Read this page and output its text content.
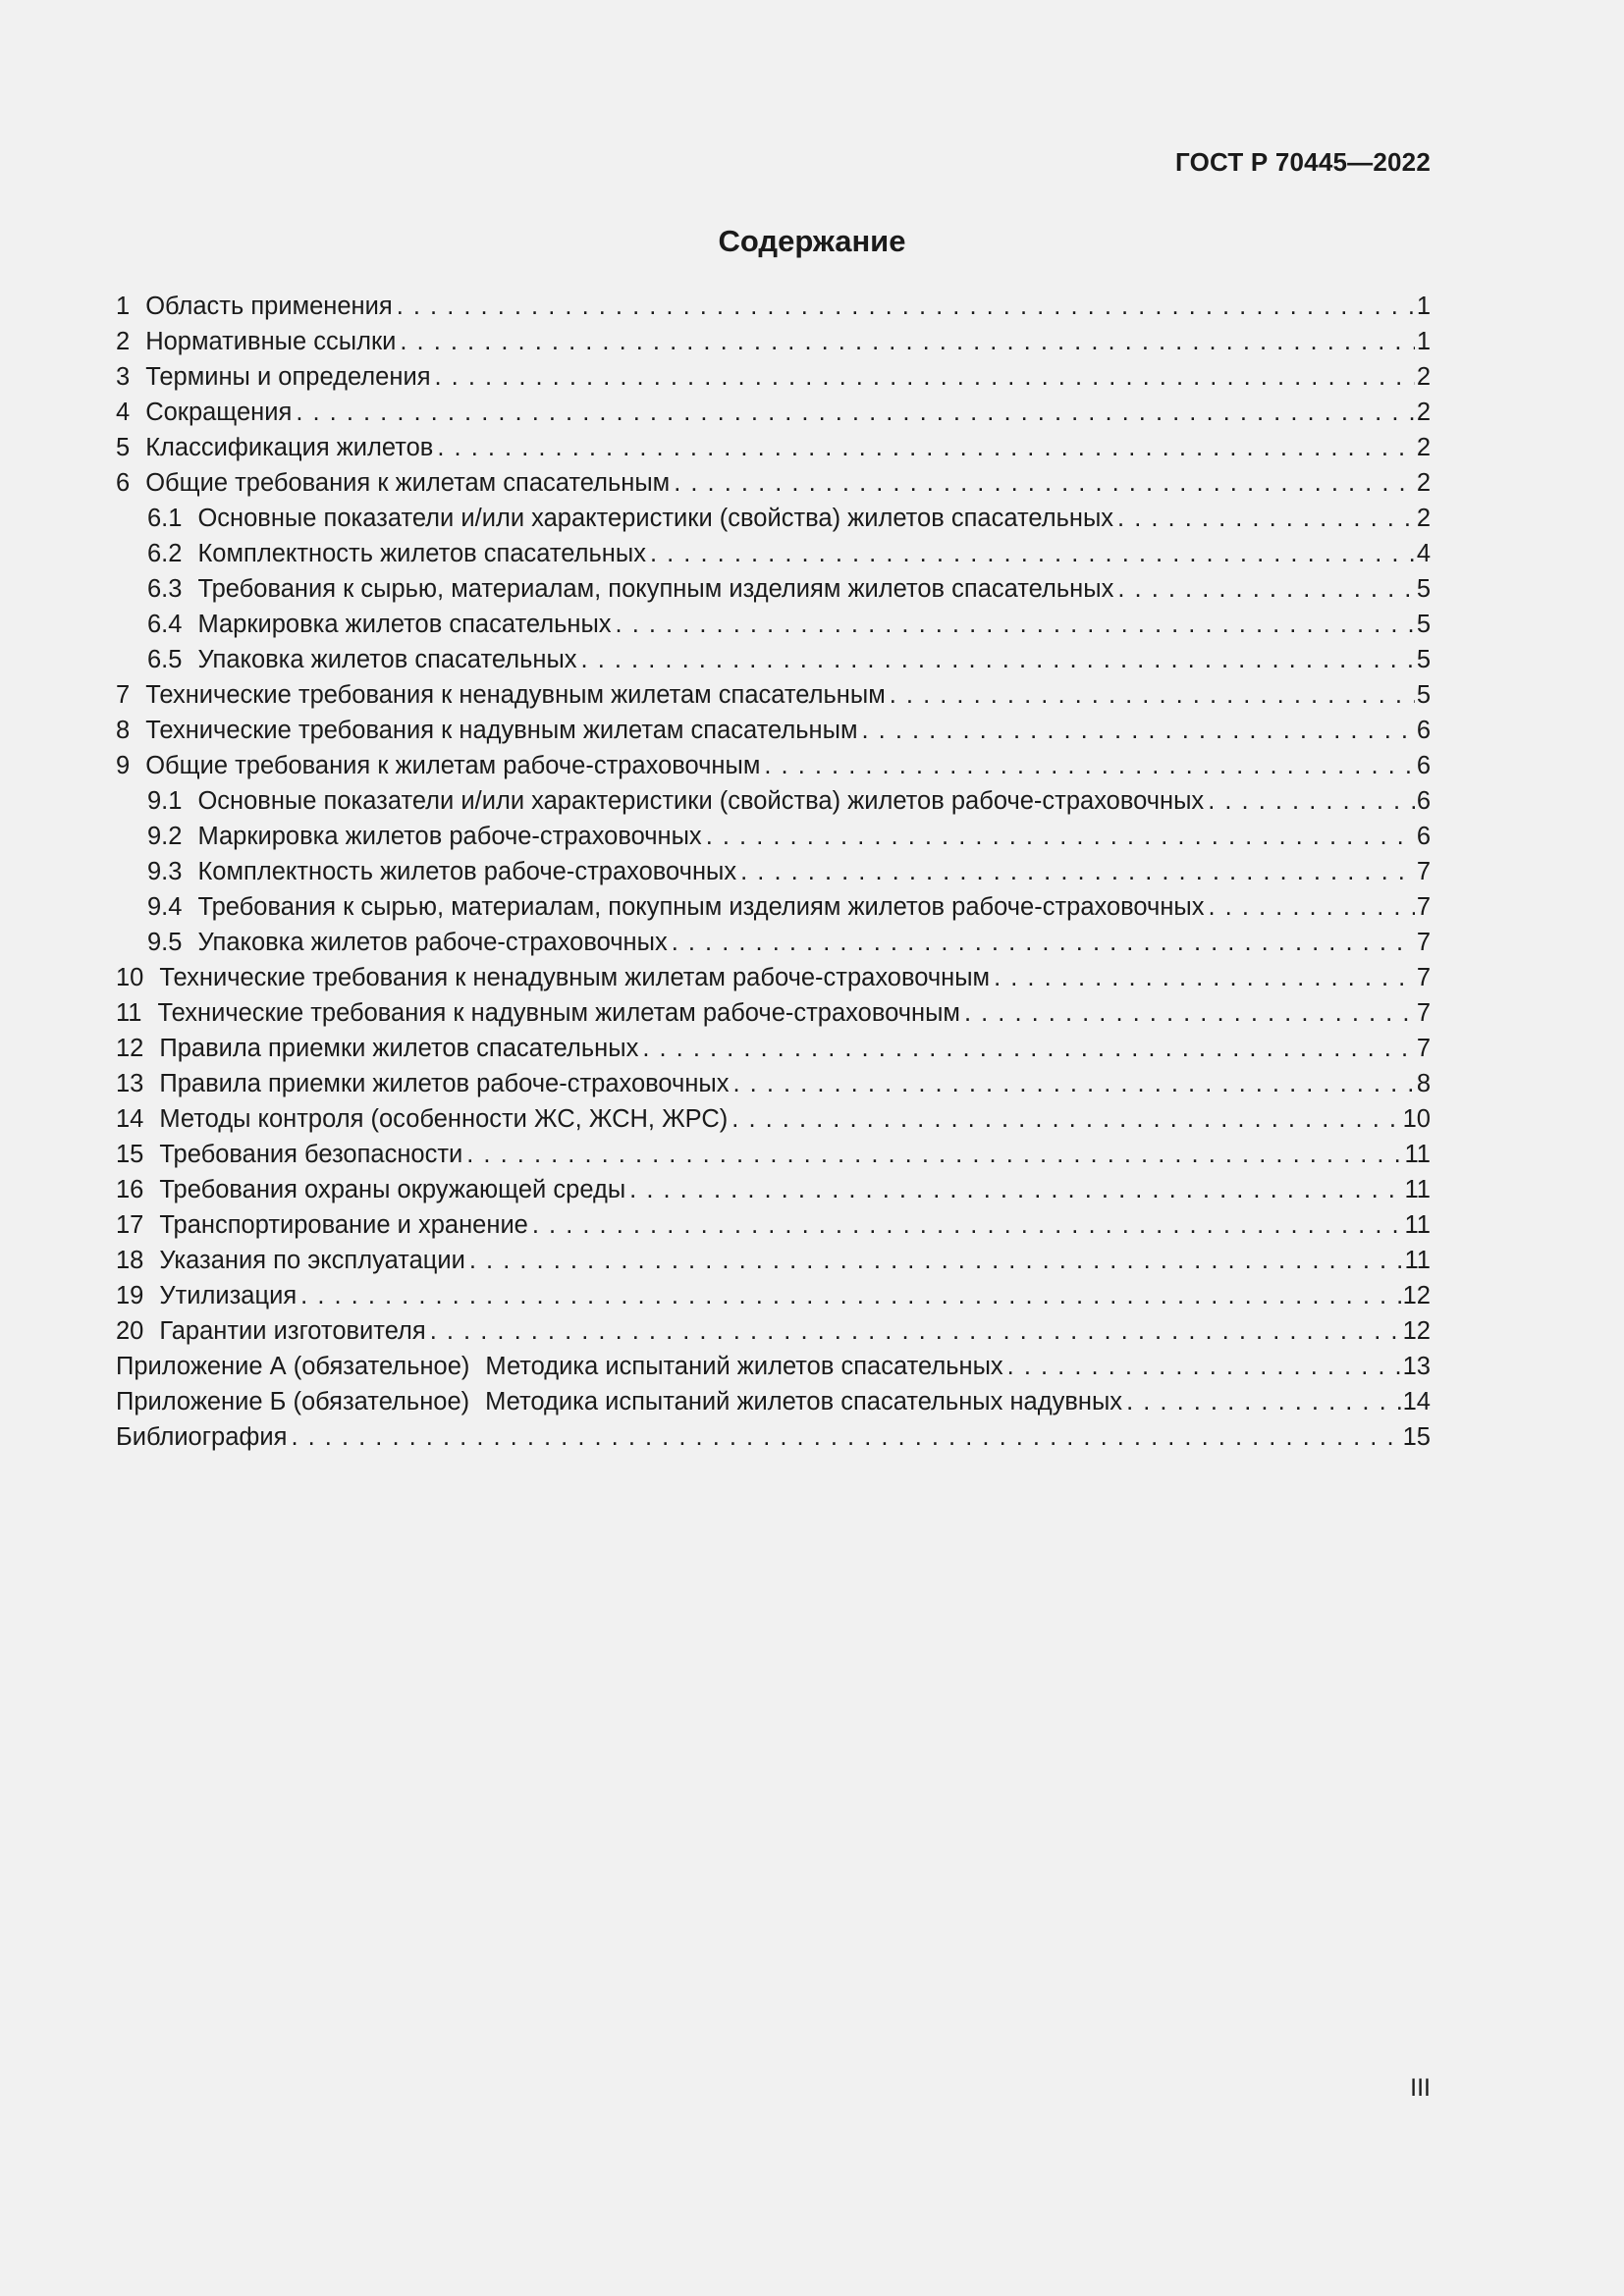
ГОСТ Р 70445—2022
Содержание
1 Область применения . . .	1
2 Нормативные ссылки . . .	1
3 Термины и определения . . .	2
4 Сокращения . . .	2
5 Классификация жилетов . . .	2
6 Общие требования к жилетам спасательным . . .	2
6.1 Основные показатели и/или характеристики (свойства) жилетов спасательных . . .	2
6.2 Комплектность жилетов спасательных . . .	4
6.3 Требования к сырью, материалам, покупным изделиям жилетов спасательных . . .	5
6.4 Маркировка жилетов спасательных . . .	5
6.5 Упаковка жилетов спасательных . . .	5
7 Технические требования к ненадувным жилетам спасательным . . .	5
8 Технические требования к надувным жилетам спасательным . . .	6
9 Общие требования к жилетам рабоче-страховочным . . .	6
9.1 Основные показатели и/или характеристики (свойства) жилетов рабоче-страховочных . . .	6
9.2 Маркировка жилетов рабоче-страховочных . . .	6
9.3 Комплектность жилетов рабоче-страховочных . . .	7
9.4 Требования к сырью, материалам, покупным изделиям жилетов рабоче-страховочных . . .	7
9.5 Упаковка жилетов рабоче-страховочных . . .	7
10 Технические требования к ненадувным жилетам рабоче-страховочным . . .	7
11 Технические требования к надувным жилетам рабоче-страховочным . . .	7
12 Правила приемки жилетов спасательных . . .	7
13 Правила приемки жилетов рабоче-страховочных . . .	8
14 Методы контроля (особенности ЖС, ЖСН, ЖРС) . . .	10
15 Требования безопасности . . .	11
16 Требования охраны окружающей среды . . .	11
17 Транспортирование и хранение . . .	11
18 Указания по эксплуатации . . .	11
19 Утилизация . . .	12
20 Гарантии изготовителя . . .	12
Приложение А (обязательное) Методика испытаний жилетов спасательных . . .	13
Приложение Б (обязательное) Методика испытаний жилетов спасательных надувных . . .	14
Библиография . . .	15
III
